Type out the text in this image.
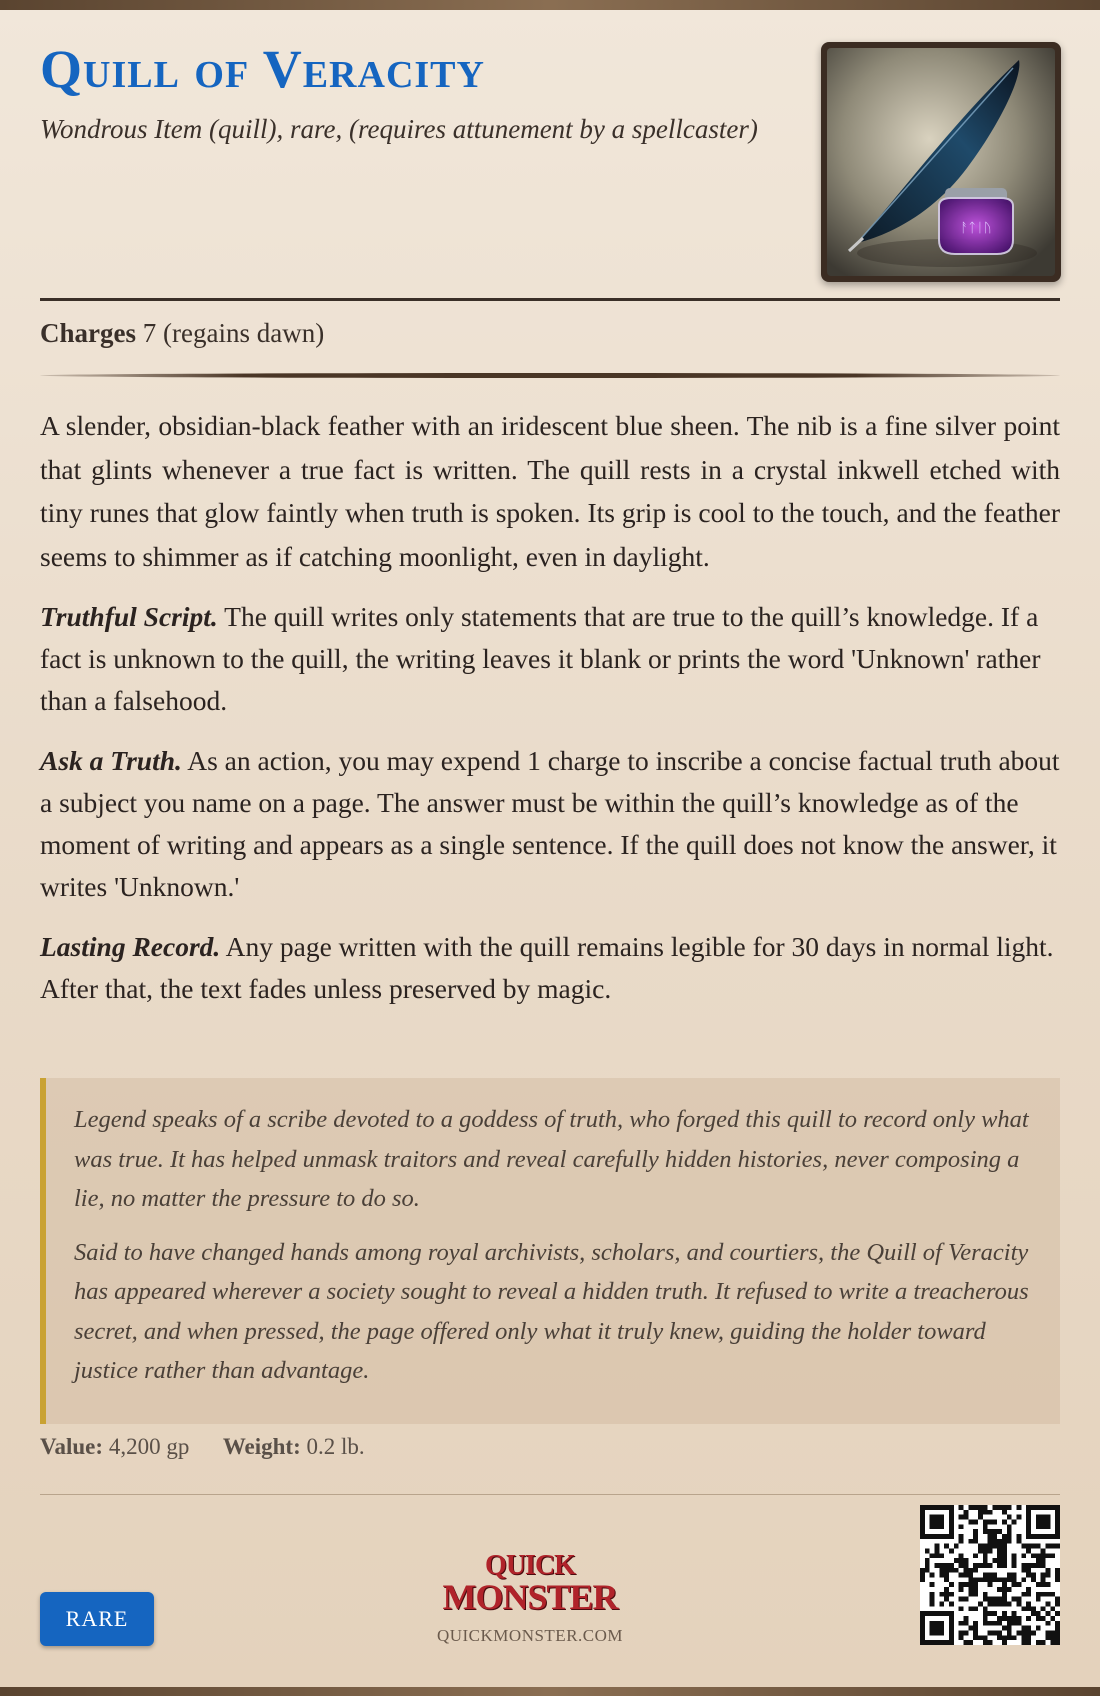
Quill of Veracity
Wondrous Item (quill), rare, (requires attunement by a spellcaster)
ᚨᛏᛁᚢ
Charges 7 (regains dawn)

A slender, obsidian-black feather with an iridescent blue sheen. The nib is a fine silver point that glints whenever a true fact is written. The quill rests in a crystal inkwell etched with tiny runes that glow faintly when truth is spoken. Its grip is cool to the touch, and the feather seems to shimmer as if catching moonlight, even in daylight.

Truthful Script. The quill writes only statements that are true to the quill’s knowledge. If a fact is unknown to the quill, the writing leaves it blank or prints the word 'Unknown' rather than a falsehood.

Ask a Truth. As an action, you may expend 1 charge to inscribe a concise factual truth about a subject you name on a page. The answer must be within the quill’s knowledge as of the moment of writing and appears as a single sentence. If the quill does not know the answer, it writes 'Unknown.'

Lasting Record. Any page written with the quill remains legible for 30 days in normal light. After that, the text fades unless preserved by magic.

Legend speaks of a scribe devoted to a goddess of truth, who forged this quill to record only what was true. It has helped unmask traitors and reveal carefully hidden histories, never composing a lie, no matter the pressure to do so.

Said to have changed hands among royal archivists, scholars, and courtiers, the Quill of Veracity has appeared wherever a society sought to reveal a hidden truth. It refused to write a treacherous secret, and when pressed, the page offered only what it truly knew, guiding the holder toward justice rather than advantage.

Value: 4,200 gp Weight: 0.2 lb.
RARE
QUICK
MONSTER
QUICKMONSTER.COM
